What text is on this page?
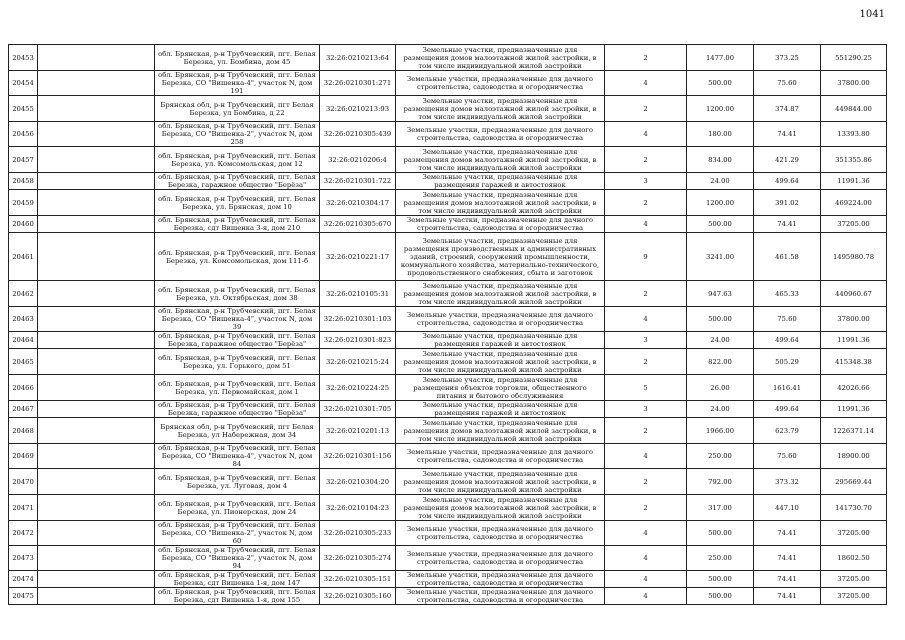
1041
20453		обл. Брянская, р-н Трубчевский, пгт. Белая Березка, ул. Бомбина, дом 45	32:26:0210213:64	Земельные участки, предназначенные для размещения домов малоэтажной жилой застройки, в том числе индивидуальной жилой застройки	2	1477.00	373.25	551290.25
20454		обл. Брянская, р-н Трубчевский, пгт. Белая Березка, СО "Вишенка-4", участок N, дом 191	32:26:0210301:271	Земельные участки, предназначенные для дачного строительства, садоводства и огородничества	4	500.00	75.60	37800.00
20455		Брянская обл, р-н Трубчевский, пгт Белая Березка, ул Бомбина, д 22	32:26:0210213:93	Земельные участки, предназначенные для размещения домов малоэтажной жилой застройки, в том числе индивидуальной жилой застройки	2	1200.00	374.87	449844.00
20456		обл. Брянская, р-н Трубчевский, пгт. Белая Березка, СО "Вишенка-2", участок N, дом 258	32:26:0210305:439	Земельные участки, предназначенные для дачного строительства, садоводства и огородничества	4	180.00	74.41	13393.80
20457		обл. Брянская, р-н Трубчевский, пгт. Белая Березка, ул. Комсомольская, дом 12	32:26:0210206:4	Земельные участки, предназначенные для размещения домов малоэтажной жилой застройки, в том числе индивидуальной жилой застройки	2	834.00	421.29	351355.86
20458		обл. Брянская, р-н Трубчевский, пгт. Белая Березка, гаражное общество "Берёза"	32:26:0210301:722	Земельные участки, предназначенные для размещения гаражей и автостоянок	3	24.00	499.64	11991.36
20459		обл. Брянская, р-н Трубчевский, пгт. Белая Березка, ул. Брянская, дом 10	32:26:0210304:17	Земельные участки, предназначенные для размещения домов малоэтажной жилой застройки, в том числе индивидуальной жилой застройки	2	1200.00	391.02	469224.00
20460		обл. Брянская, р-н Трубчевский, пгт. Белая Березка, сдт Вишенка 3-я, дом 210	32:26:0210305:670	Земельные участки, предназначенные для дачного строительства, садоводства и огородничества	4	500.00	74.41	37205.00
20461		обл. Брянская, р-н Трубчевский, пгт. Белая Березка, ул. Комсомольская, дом 111-б	32:26:0210221:17	Земельные участки, предназначенные для размещения производственных и административных зданий, строений, сооружений промышленности, коммунального хозяйства, материально-технического, продовольственного снабжения, сбыта и заготовок	9	3241.00	461.58	1495980.78
20462		обл. Брянская, р-н Трубчевский, пгт. Белая Березка, ул. Октябрьская, дом 38	32:26:0210105:31	Земельные участки, предназначенные для размещения домов малоэтажной жилой застройки, в том числе индивидуальной жилой застройки	2	947.63	465.33	440960.67
20463		обл. Брянская, р-н Трубчевский, пгт. Белая Березка, СО "Вишенка-4", участок N, дом 39	32:26:0210301:103	Земельные участки, предназначенные для дачного строительства, садоводства и огородничества	4	500.00	75.60	37800.00
20464		обл. Брянская, р-н Трубчевский, пгт. Белая Березка, гаражное общество "Берёза"	32:26:0210301:823	Земельные участки, предназначенные для размещения гаражей и автостоянок	3	24.00	499.64	11991.36
20465		обл. Брянская, р-н Трубчевский, пгт. Белая Березка, ул. Горького, дом 51	32:26:0210215:24	Земельные участки, предназначенные для размещения домов малоэтажной жилой застройки, в том числе индивидуальной жилой застройки	2	822.00	505.29	415348.38
20466		обл. Брянская, р-н Трубчевский, пгт. Белая Березка, ул. Первомайская, дом 1	32:26:0210224:25	Земельные участки, предназначенные для размещения объектов торговли, общественного питания и бытового обслуживания	5	26.00	1616.41	42026.66
20467		обл. Брянская, р-н Трубчевский, пгт. Белая Березка, гаражное общество "Берёза"	32:26:0210301:705	Земельные участки, предназначенные для размещения гаражей и автостоянок	3	24.00	499.64	11991.36
20468		Брянская обл, р-н Трубчевский, пгт Белая Березка, ул Набережная, дом 34	32:26:0210201:13	Земельные участки, предназначенные для размещения домов малоэтажной жилой застройки, в том числе индивидуальной жилой застройки	2	1966.00	623.79	1226371.14
20469		обл. Брянская, р-н Трубчевский, пгт. Белая Березка, СО "Вишенка-4", участок N, дом 84	32:26:0210301:156	Земельные участки, предназначенные для дачного строительства, садоводства и огородничества	4	250.00	75.60	18900.00
20470		обл. Брянская, р-н Трубчевский, пгт. Белая Березка, ул. Луговая, дом 4	32:26:0210304:20	Земельные участки, предназначенные для размещения домов малоэтажной жилой застройки, в том числе индивидуальной жилой застройки	2	792.00	373.32	295669.44
20471		обл. Брянская, р-н Трубчевский, пгт. Белая Березка, ул. Пионерская, дом 24	32:26:0210104:23	Земельные участки, предназначенные для размещения домов малоэтажной жилой застройки, в том числе индивидуальной жилой застройки	2	317.00	447.10	141730.70
20472		обл. Брянская, р-н Трубчевский, пгт. Белая Березка, СО "Вишенка-2", участок N, дом 60	32:26:0210305:233	Земельные участки, предназначенные для дачного строительства, садоводства и огородничества	4	500.00	74.41	37205.00
20473		обл. Брянская, р-н Трубчевский, пгт. Белая Березка, СО "Вишенка-2", участок N, дом 94	32:26:0210305:274	Земельные участки, предназначенные для дачного строительства, садоводства и огородничества	4	250.00	74.41	18602.50
20474		обл. Брянская, р-н Трубчевский, пгт. Белая Березка, сдт Вишенка 1-я, дом 147	32:26:0210305:151	Земельные участки, предназначенные для дачного строительства, садоводства и огородничества	4	500.00	74.41	37205.00
20475		обл. Брянская, р-н Трубчевский, пгт. Белая Березка, сдт Вишенка 1-я, дом 155	32:26:0210305:160	Земельные участки, предназначенные для дачного строительства, садоводства и огородничества	4	500.00	74.41	37205.00
